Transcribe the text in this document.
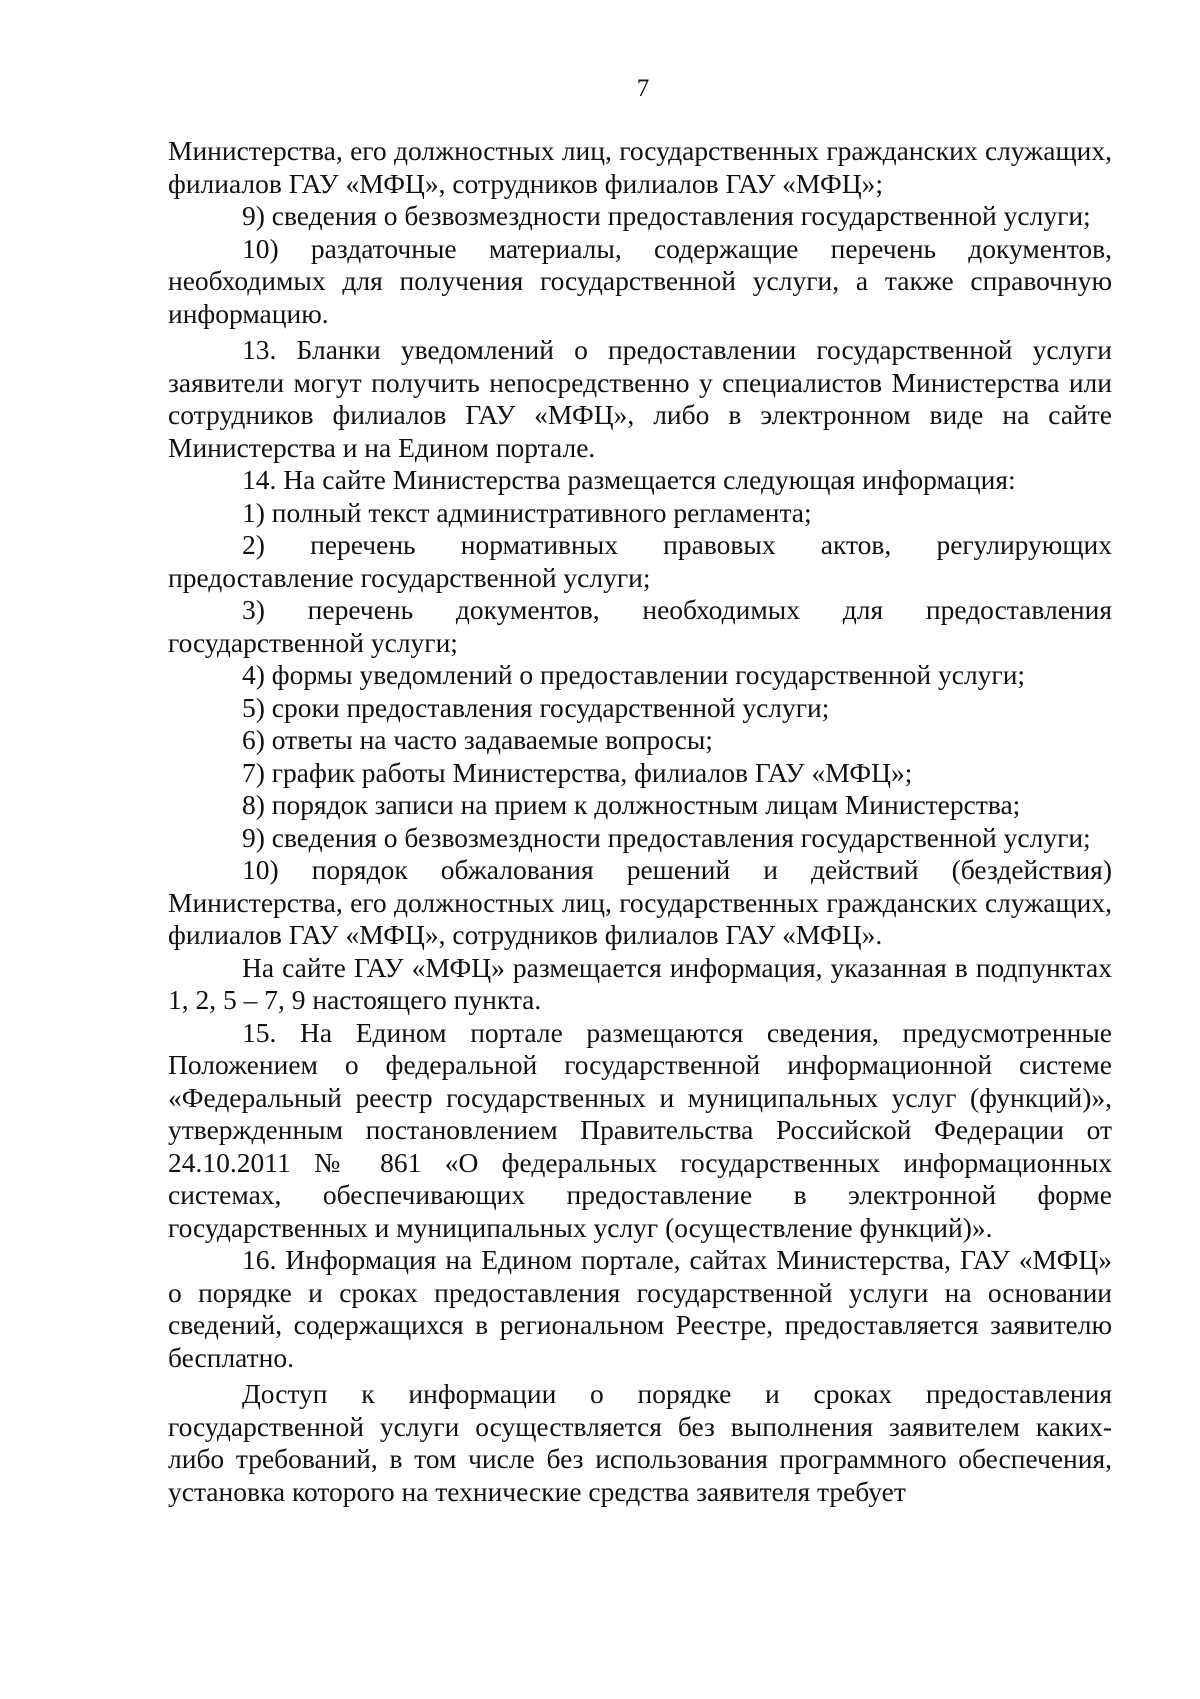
7

Министерства, его должностных лиц, государственных гражданских служащих, филиалов ГАУ «МФЦ», сотрудников филиалов ГАУ «МФЦ»;

9) сведения о безвозмездности предоставления государственной услуги;

10) раздаточные материалы, содержащие перечень документов, необходимых для получения государственной услуги, а также справочную информацию.

13. Бланки уведомлений о предоставлении государственной услуги заявители могут получить непосредственно у специалистов Министерства или сотрудников филиалов ГАУ «МФЦ», либо в электронном виде на сайте Министерства и на Едином портале.

14. На сайте Министерства размещается следующая информация:

1) полный текст административного регламента;

2) перечень нормативных правовых актов, регулирующих предоставление государственной услуги;

3) перечень документов, необходимых для предоставления государственной услуги;

4) формы уведомлений о предоставлении государственной услуги;

5) сроки предоставления государственной услуги;

6) ответы на часто задаваемые вопросы;

7) график работы Министерства, филиалов ГАУ «МФЦ»;

8) порядок записи на прием к должностным лицам Министерства;

9) сведения о безвозмездности предоставления государственной услуги;

10) порядок обжалования решений и действий (бездействия) Министерства, его должностных лиц, государственных гражданских служащих, филиалов ГАУ «МФЦ», сотрудников филиалов ГАУ «МФЦ».

На сайте ГАУ «МФЦ» размещается информация, указанная в подпунктах 1, 2, 5 – 7, 9 настоящего пункта.

15. На Едином портале размещаются сведения, предусмотренные Положением о федеральной государственной информационной системе «Федеральный реестр государственных и муниципальных услуг (функций)», утвержденным постановлением Правительства Российской Федерации от 24.10.2011 № 861 «О федеральных государственных информационных системах, обеспечивающих предоставление в электронной форме государственных и муниципальных услуг (осуществление функций)».

16. Информация на Едином портале, сайтах Министерства, ГАУ «МФЦ» о порядке и сроках предоставления государственной услуги на основании сведений, содержащихся в региональном Реестре, предоставляется заявителю бесплатно.

Доступ к информации о порядке и сроках предоставления государственной услуги осуществляется без выполнения заявителем каких-либо требований, в том числе без использования программного обеспечения, установка которого на технические средства заявителя требует
